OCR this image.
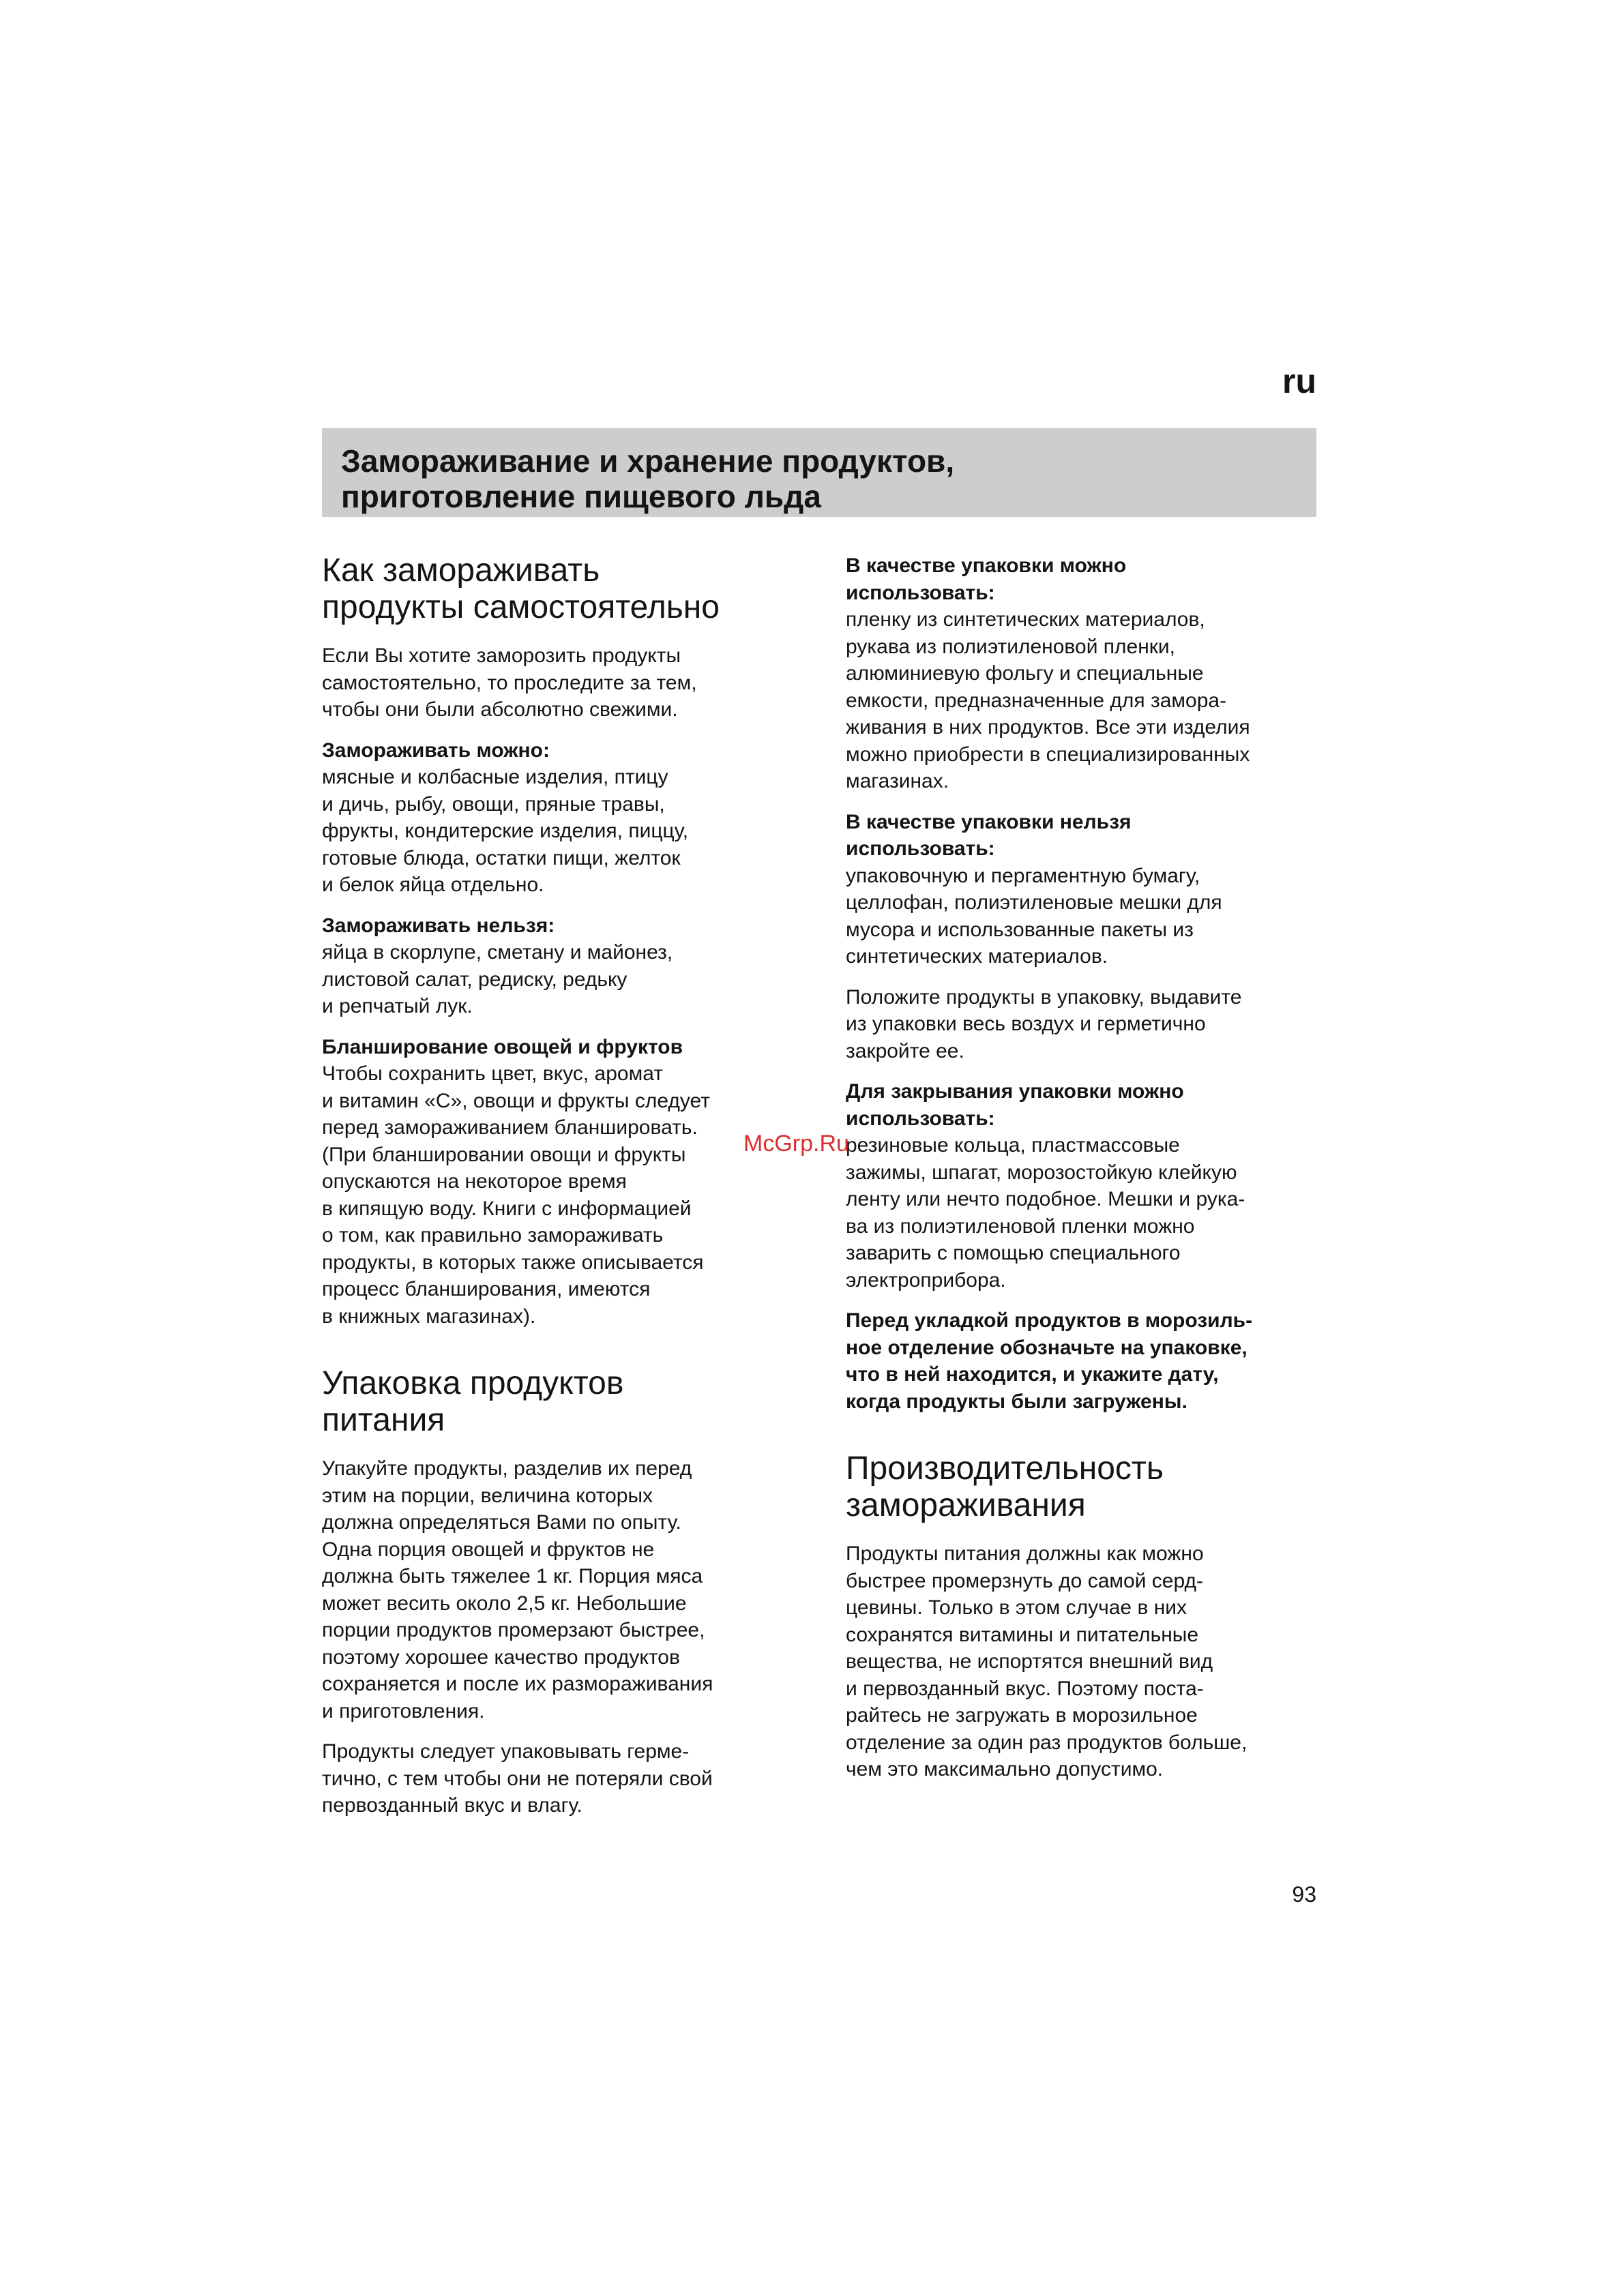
ru
Замораживание и хранение продуктов,
приготовление пищевого льда
Как замораживать
продукты самостоятельно
Если Вы хотите заморозить продукты
самостоятельно, то проследите за тем,
чтобы они были абсолютно свежими.
Замораживать можно:
мясные и колбасные изделия, птицу
и дичь, рыбу, овощи, пряные травы,
фрукты, кондитерские изделия, пиццу,
готовые блюда, остатки пищи, желток
и белок яйца отдельно.
Замораживать нельзя:
яйца в скорлупе, сметану и майонез,
листовой салат, редиску, редьку
и репчатый лук.
Бланширование овощей и фруктов
Чтобы сохранить цвет, вкус, аромат
и витамин «С», овощи и фрукты следует
перед замораживанием бланшировать.
(При бланшировании овощи и фрукты
опускаются на некоторое время
в кипящую воду. Книги с информацией
о том, как правильно замораживать
продукты, в которых также описывается
процесс бланширования, имеются
в книжных магазинах).
Упаковка продуктов
питания
Упакуйте продукты, разделив их перед
этим на порции, величина которых
должна определяться Вами по опыту.
Одна порция овощей и фруктов не
должна быть тяжелее 1 кг. Порция мяса
может весить около 2,5 кг. Небольшие
порции продуктов промерзают быстрее,
поэтому хорошее качество продуктов
сохраняется и после их размораживания
и приготовления.
Продукты следует упаковывать герме-
тично, с тем чтобы они не потеряли свой
первозданный вкус и влагу.
В качестве упаковки можно
использовать:
пленку из синтетических материалов,
рукава из полиэтиленовой пленки,
алюминиевую фольгу и специальные
емкости, предназначенные для замора-
живания в них продуктов. Все эти изделия
можно приобрести в специализированных
магазинах.
В качестве упаковки нельзя
использовать:
упаковочную и пергаментную бумагу,
целлофан, полиэтиленовые мешки для
мусора и использованные пакеты из
синтетических материалов.
Положите продукты в упаковку, выдавите
из упаковки весь воздух и герметично
закройте ее.
Для закрывания упаковки можно
использовать:
резиновые кольца, пластмассовые
зажимы, шпагат, морозостойкую клейкую
ленту или нечто подобное. Мешки и рука-
ва из полиэтиленовой пленки можно
заварить с помощью специального
электроприбора.
Перед укладкой продуктов в морозиль-
ное отделение обозначьте на упаковке,
что в ней находится, и укажите дату,
когда продукты были загружены.
Производительность
замораживания
Продукты питания должны как можно
быстрее промерзнуть до самой серд-
цевины. Только в этом случае в них
сохранятся витамины и питательные
вещества, не испортятся внешний вид
и первозданный вкус. Поэтому поста-
райтесь не загружать в морозильное
отделение за один раз продуктов больше,
чем это максимально допустимо.
McGrp.Ru
93
